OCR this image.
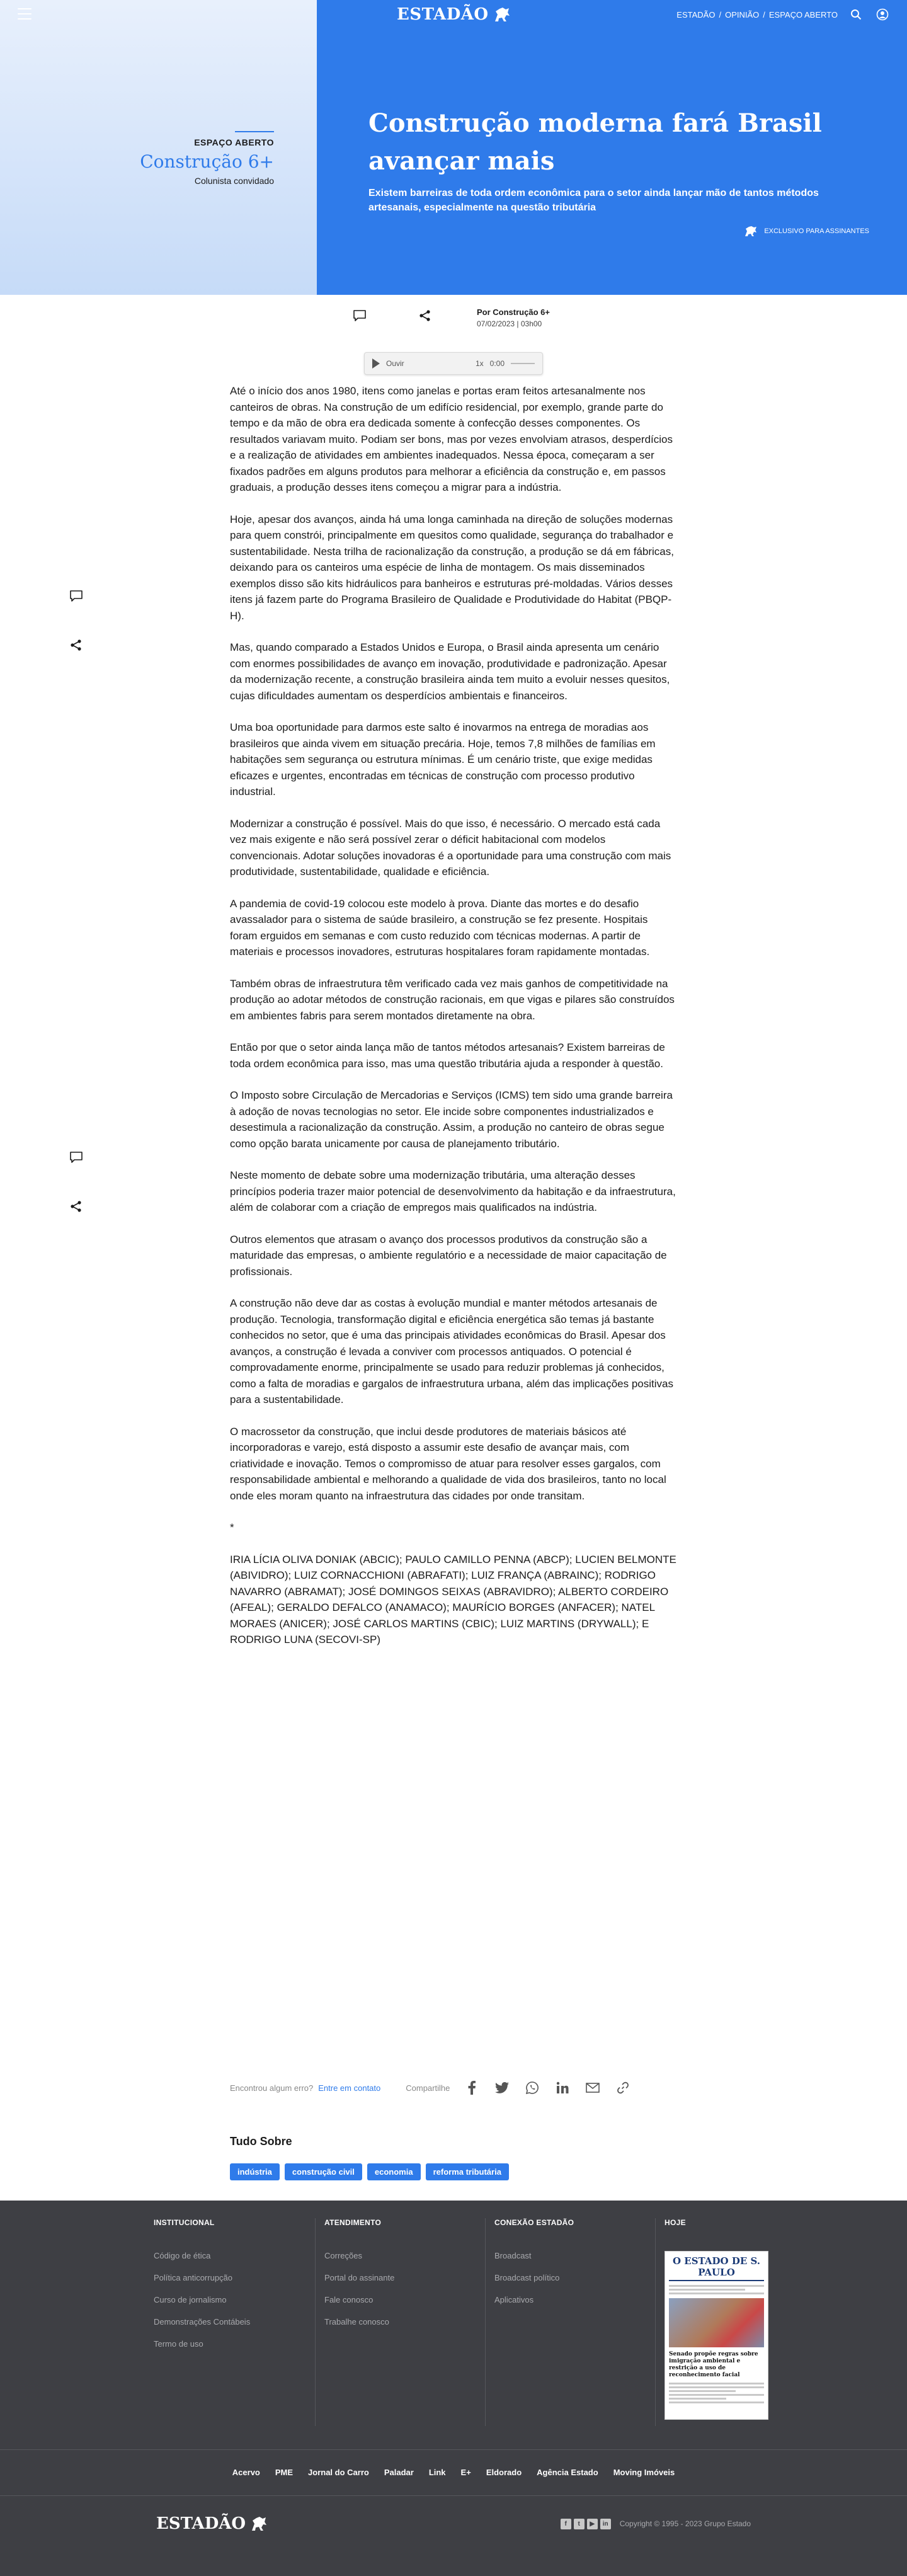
ESPAÇO ABERTO
Construção 6+
Colunista convidado
Construção moderna fará Brasil avançar mais

Existem barreiras de toda ordem econômica para o setor ainda lançar mão de tantos métodos artesanais, especialmente na questão tributária

EXCLUSIVO PARA ASSINANTES
ESTADÃO	ESTADÃO / OPINIÃO / ESPAÇO ABERTO
Por Construção 6+
07/02/2023 | 03h00
Ouvir	1x 0:00

Até o início dos anos 1980, itens como janelas e portas eram feitos artesanalmente nos canteiros de obras. Na construção de um edifício residencial, por exemplo, grande parte do tempo e da mão de obra era dedicada somente à confecção desses componentes. Os resultados variavam muito. Podiam ser bons, mas por vezes envolviam atrasos, desperdícios e a realização de atividades em ambientes inadequados. Nessa época, começaram a ser fixados padrões em alguns produtos para melhorar a eficiência da construção e, em passos graduais, a produção desses itens começou a migrar para a indústria.

Hoje, apesar dos avanços, ainda há uma longa caminhada na direção de soluções modernas para quem constrói, principalmente em quesitos como qualidade, segurança do trabalhador e sustentabilidade. Nesta trilha de racionalização da construção, a produção se dá em fábricas, deixando para os canteiros uma espécie de linha de montagem. Os mais disseminados exemplos disso são kits hidráulicos para banheiros e estruturas pré-moldadas. Vários desses itens já fazem parte do Programa Brasileiro de Qualidade e Produtividade do Habitat (PBQP-H).

Mas, quando comparado a Estados Unidos e Europa, o Brasil ainda apresenta um cenário com enormes possibilidades de avanço em inovação, produtividade e padronização. Apesar da modernização recente, a construção brasileira ainda tem muito a evoluir nesses quesitos, cujas dificuldades aumentam os desperdícios ambientais e financeiros.

Uma boa oportunidade para darmos este salto é inovarmos na entrega de moradias aos brasileiros que ainda vivem em situação precária. Hoje, temos 7,8 milhões de famílias em habitações sem segurança ou estrutura mínimas. É um cenário triste, que exige medidas eficazes e urgentes, encontradas em técnicas de construção com processo produtivo industrial.

Modernizar a construção é possível. Mais do que isso, é necessário. O mercado está cada vez mais exigente e não será possível zerar o déficit habitacional com modelos convencionais. Adotar soluções inovadoras é a oportunidade para uma construção com mais produtividade, sustentabilidade, qualidade e eficiência.

A pandemia de covid-19 colocou este modelo à prova. Diante das mortes e do desafio avassalador para o sistema de saúde brasileiro, a construção se fez presente. Hospitais foram erguidos em semanas e com custo reduzido com técnicas modernas. A partir de materiais e processos inovadores, estruturas hospitalares foram rapidamente montadas.

Também obras de infraestrutura têm verificado cada vez mais ganhos de competitividade na produção ao adotar métodos de construção racionais, em que vigas e pilares são construídos em ambientes fabris para serem montados diretamente na obra.

Então por que o setor ainda lança mão de tantos métodos artesanais? Existem barreiras de toda ordem econômica para isso, mas uma questão tributária ajuda a responder à questão.

O Imposto sobre Circulação de Mercadorias e Serviços (ICMS) tem sido uma grande barreira à adoção de novas tecnologias no setor. Ele incide sobre componentes industrializados e desestimula a racionalização da construção. Assim, a produção no canteiro de obras segue como opção barata unicamente por causa de planejamento tributário.

Neste momento de debate sobre uma modernização tributária, uma alteração desses princípios poderia trazer maior potencial de desenvolvimento da habitação e da infraestrutura, além de colaborar com a criação de empregos mais qualificados na indústria.

Outros elementos que atrasam o avanço dos processos produtivos da construção são a maturidade das empresas, o ambiente regulatório e a necessidade de maior capacitação de profissionais.

A construção não deve dar as costas à evolução mundial e manter métodos artesanais de produção. Tecnologia, transformação digital e eficiência energética são temas já bastante conhecidos no setor, que é uma das principais atividades econômicas do Brasil. Apesar dos avanços, a construção é levada a conviver com processos antiquados. O potencial é comprovadamente enorme, principalmente se usado para reduzir problemas já conhecidos, como a falta de moradias e gargalos de infraestrutura urbana, além das implicações positivas para a sustentabilidade.

O macrossetor da construção, que inclui desde produtores de materiais básicos até incorporadoras e varejo, está disposto a assumir este desafio de avançar mais, com criatividade e inovação. Temos o compromisso de atuar para resolver esses gargalos, com responsabilidade ambiental e melhorando a qualidade de vida dos brasileiros, tanto no local onde eles moram quanto na infraestrutura das cidades por onde transitam.

*

IRIA LÍCIA OLIVA DONIAK (ABCIC); PAULO CAMILLO PENNA (ABCP); LUCIEN BELMONTE (ABIVIDRO); LUIZ CORNACCHIONI (ABRAFATI); LUIZ FRANÇA (ABRAINC); RODRIGO NAVARRO (ABRAMAT); JOSÉ DOMINGOS SEIXAS (ABRAVIDRO); ALBERTO CORDEIRO (AFEAL); GERALDO DEFALCO (ANAMACO); MAURÍCIO BORGES (ANFACER); NATEL MORAES (ANICER); JOSÉ CARLOS MARTINS (CBIC); LUIZ MARTINS (DRYWALL); E RODRIGO LUNA (SECOVI-SP)

Encontrou algum erro? Entre em contato	Compartilhe
Tudo Sobre
indústria	construção civil	economia	reforma tributária
INSTITUCIONAL
Código de ética
Política anticorrupção
Curso de jornalismo
Demonstrações Contábeis
Termo de uso
ATENDIMENTO
Correções
Portal do assinante
Fale conosco
Trabalhe conosco
CONEXÃO ESTADÃO
Broadcast
Broadcast político
Aplicativos
HOJE
O ESTADO DE S. PAULO
Senado propõe regras sobre imigração ambiental e restrição a uso de reconhecimento facial
Acervo PME Jornal do Carro Paladar Link E+ Eldorado Agência Estado Moving Imóveis
ESTADÃO	f	t	▶	in	Copyright © 1995 - 2023 Grupo Estado
